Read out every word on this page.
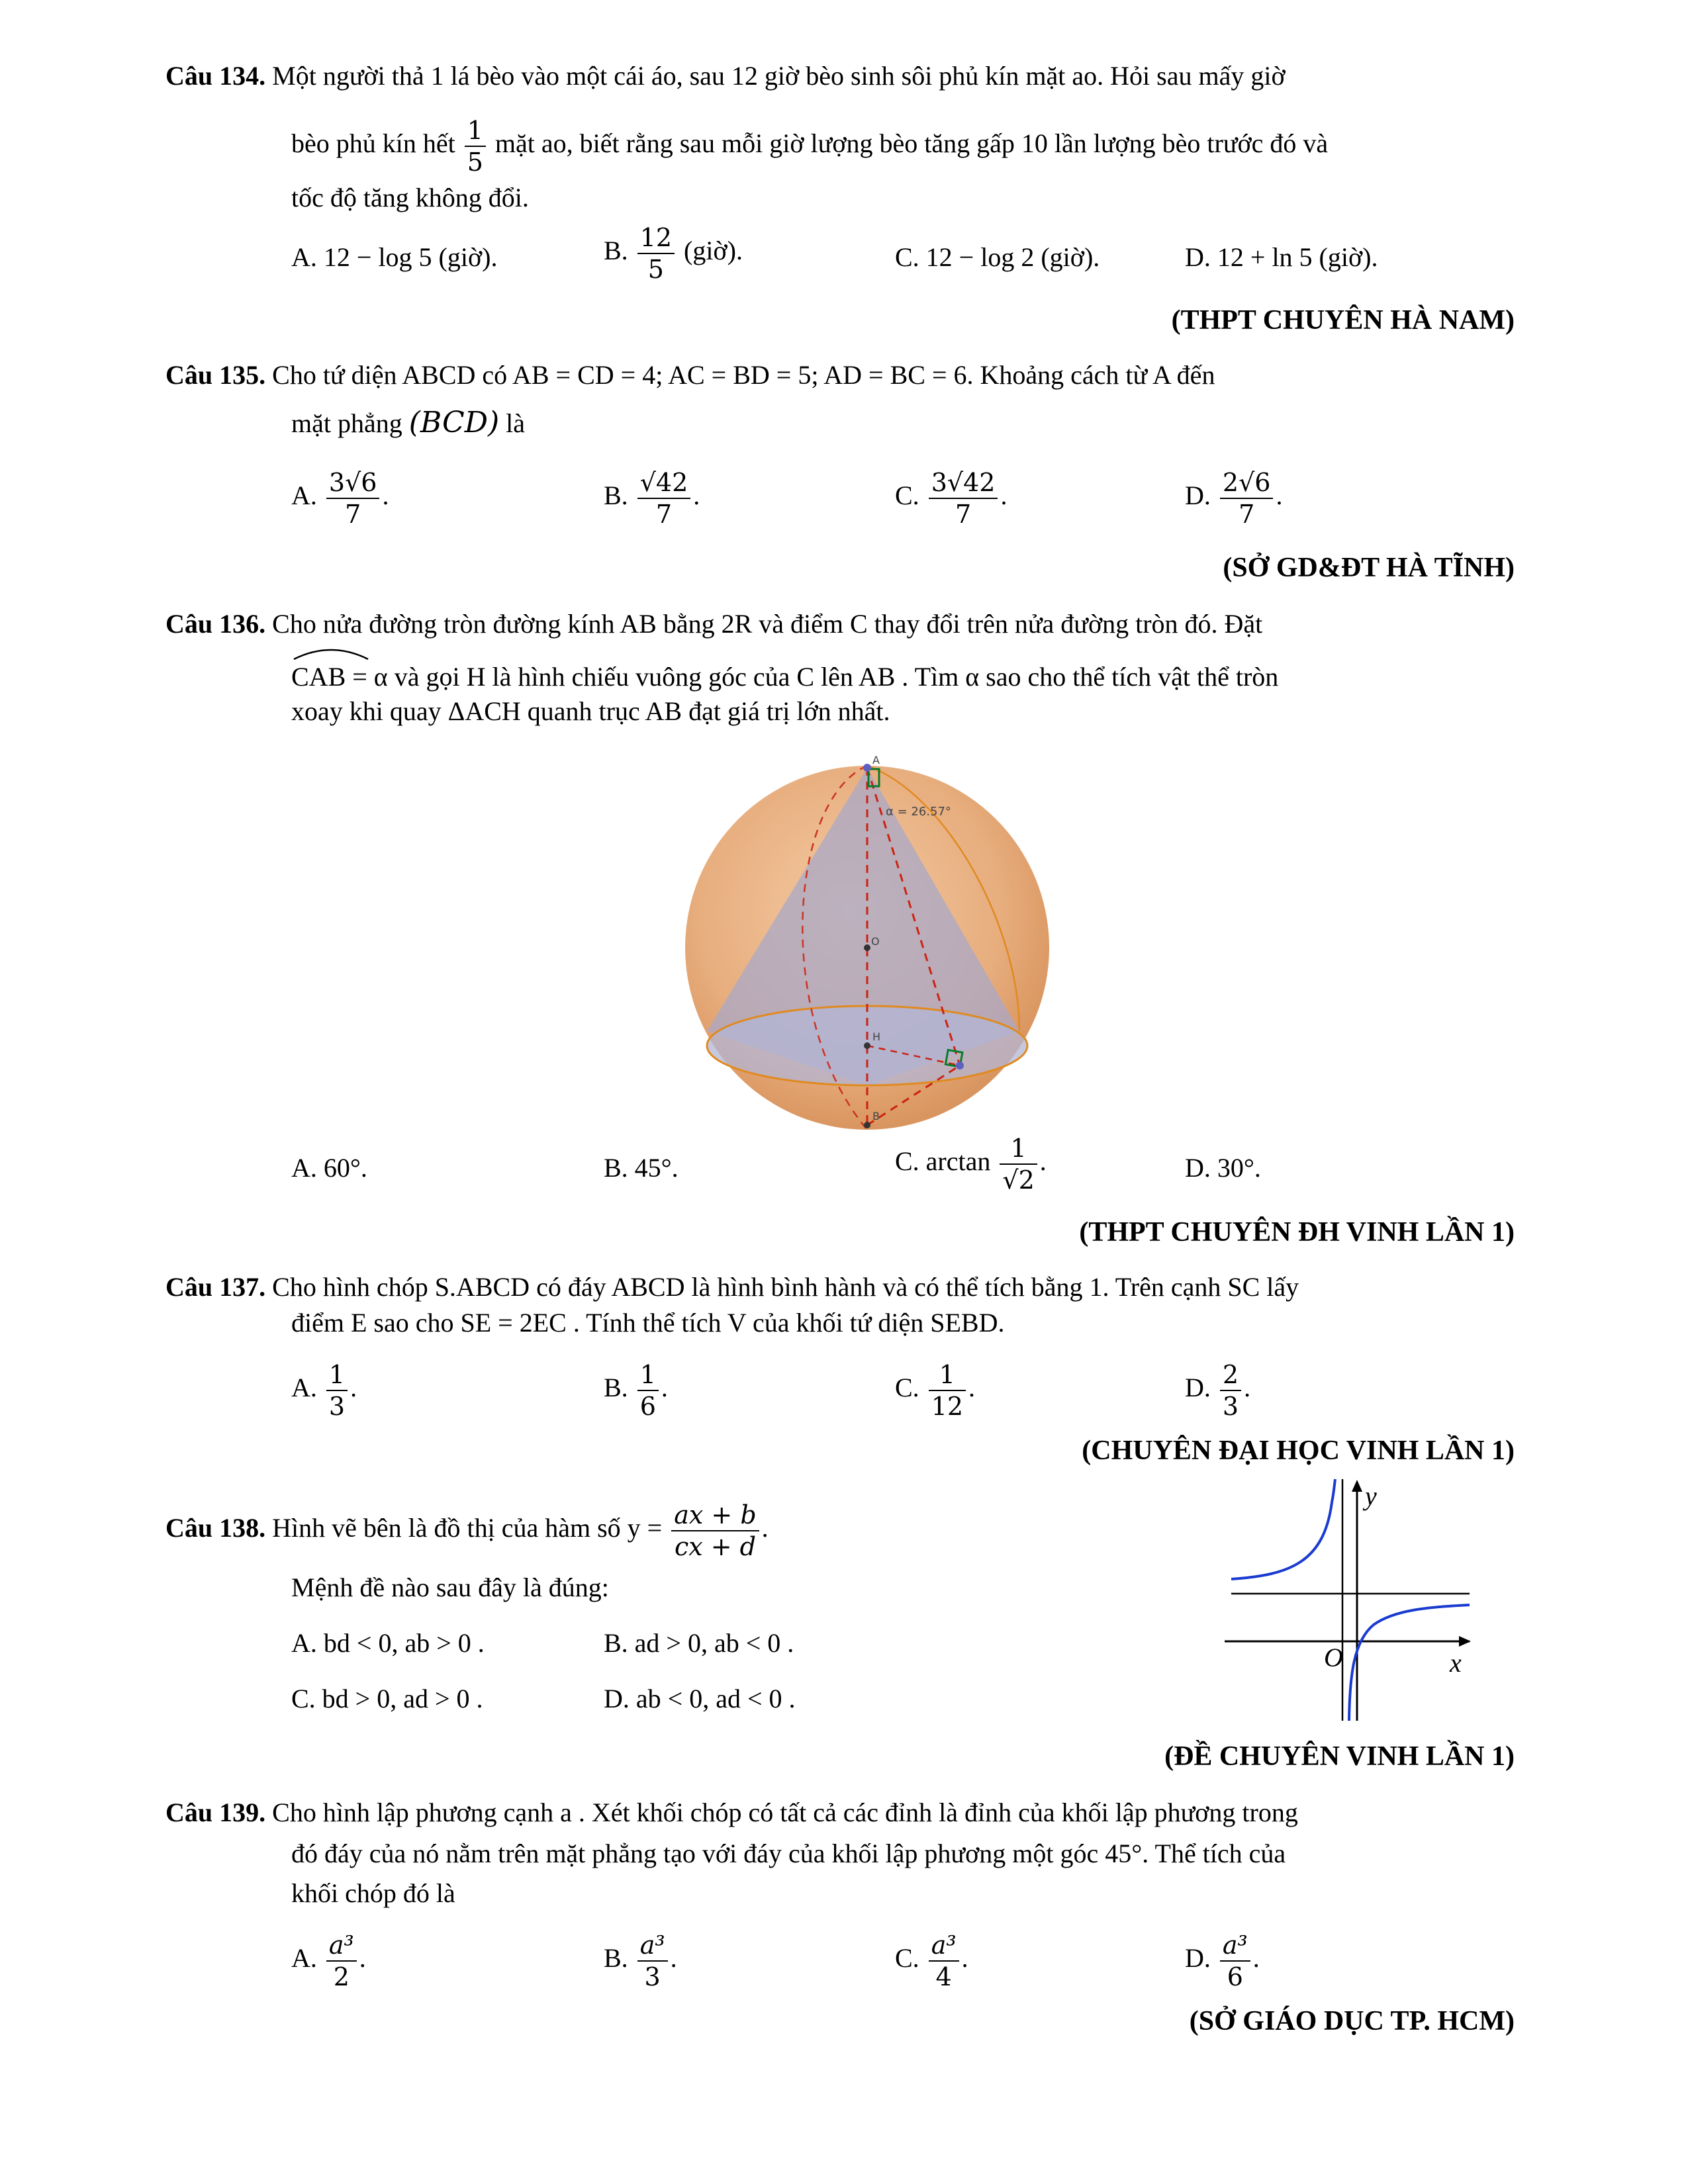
Câu 134. Một người thả 1 lá bèo vào một cái áo, sau 12 giờ bèo sinh sôi phủ kín mặt ao. Hỏi sau mấy giờ
bèo phủ kín hết $\frac{1}{5}$ mặt ao, biết rằng sau mỗi giờ lượng bèo tăng gấp 10 lần lượng bèo trước đó và
tốc độ tăng không đổi.
A. 12 − log 5 (giờ).	B. $\frac{12}{5}$ (giờ).	C. 12 − log 2 (giờ).	D. 12 + ln 5 (giờ).
(THPT CHUYÊN HÀ NAM)
Câu 135. Cho tứ diện ABCD có AB = CD = 4; AC = BD = 5; AD = BC = 6. Khoảng cách từ A đến
mặt phẳng (BCD) là
A. $\frac{3√6}{7}$ .	B. $\frac{√42}{7}$ .	C. $\frac{3√42}{7}$ .	D. $\frac{2√6}{7}$ .
(SỞ GD&ĐT HÀ TĨNH)
Câu 136. Cho nửa đường tròn đường kính AB bằng 2R và điểm C thay đổi trên nửa đường tròn đó. Đặt
CAB = α và gọi H là hình chiếu vuông góc của C lên AB . Tìm α sao cho thể tích vật thể tròn
xoay khi quay ΔACH quanh trục AB đạt giá trị lớn nhất.
A
O
H
B
α = 26.57°
A. 60°.	B. 45°.	C. $\arctan \frac{1}{√2}$ .	D. 30°.
(THPT CHUYÊN ĐH VINH LẦN 1)
Câu 137. Cho hình chóp S.ABCD có đáy ABCD là hình bình hành và có thể tích bằng 1. Trên cạnh SC lấy
điểm E sao cho SE = 2EC . Tính thể tích V của khối tứ diện SEBD.
A. $\frac{1}{3}$ .	B. $\frac{1}{6}$ .	C. $\frac{1}{12}$ .	D. $\frac{2}{3}$ .
(CHUYÊN ĐẠI HỌC VINH LẦN 1)
Câu 138. Hình vẽ bên là đồ thị của hàm số $y = \frac{ax + b}{cx + d}$ .
Mệnh đề nào sau đây là đúng:
A. bd < 0, ab > 0 .	B. ad > 0, ab < 0 .
C. bd > 0, ad > 0 .	D. ab < 0, ad < 0 .
y
x
O
(ĐỀ CHUYÊN VINH LẦN 1)
Câu 139. Cho hình lập phương cạnh a . Xét khối chóp có tất cả các đỉnh là đỉnh của khối lập phương trong
đó đáy của nó nằm trên mặt phẳng tạo với đáy của khối lập phương một góc 45°. Thể tích của
khối chóp đó là
A. $\frac{\text{a³}}{2}$ .	B. $\frac{\text{a³}}{3}$ .	C. $\frac{\text{a³}}{4}$ .	D. $\frac{\text{a³}}{6}$ .
(SỞ GIÁO DỤC TP. HCM)
